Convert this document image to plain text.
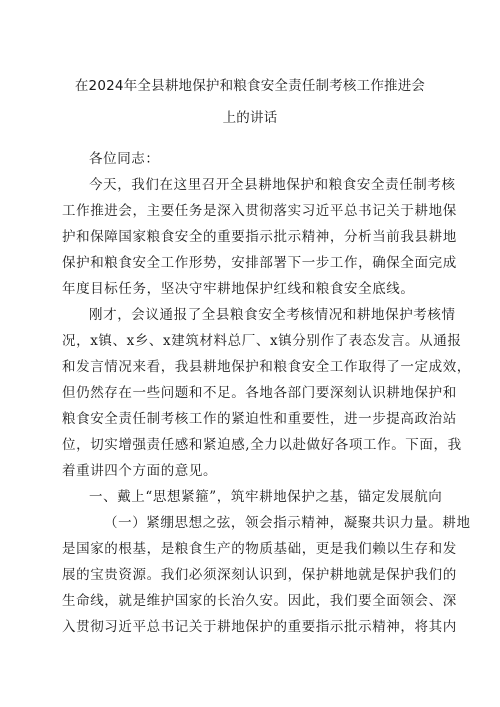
在2024年全县耕地保护和粮食安全责任制考核工作推进会
上的讲话
各位同志：
今天，我们在这里召开全县耕地保护和粮食安全责任制考核
工作推进会，主要任务是深入贯彻落实习近平总书记关于耕地保
护和保障国家粮食安全的重要指示批示精神，分析当前我县耕地
保护和粮食安全工作形势，安排部署下一步工作，确保全面完成
年度目标任务，坚决守牢耕地保护红线和粮食安全底线。
刚才，会议通报了全县粮食安全考核情况和耕地保护考核情
况，x镇、x乡、x建筑材料总厂、x镇分别作了表态发言。从通报
和发言情况来看，我县耕地保护和粮食安全工作取得了一定成效，
但仍然存在一些问题和不足。各地各部门要深刻认识耕地保护和
粮食安全责任制考核工作的紧迫性和重要性，进一步提高政治站
位，切实增强责任感和紧迫感,全力以赴做好各项工作。下面，我
着重讲四个方面的意见。
一、戴上“思想紧箍”，筑牢耕地保护之基，锚定发展航向
（一）紧绷思想之弦，领会指示精神，凝聚共识力量。耕地
是国家的根基，是粮食生产的物质基础，更是我们赖以生存和发
展的宝贵资源。我们必须深刻认识到，保护耕地就是保护我们的
生命线，就是维护国家的长治久安。因此，我们要全面领会、深
入贯彻习近平总书记关于耕地保护的重要指示批示精神，将其内
